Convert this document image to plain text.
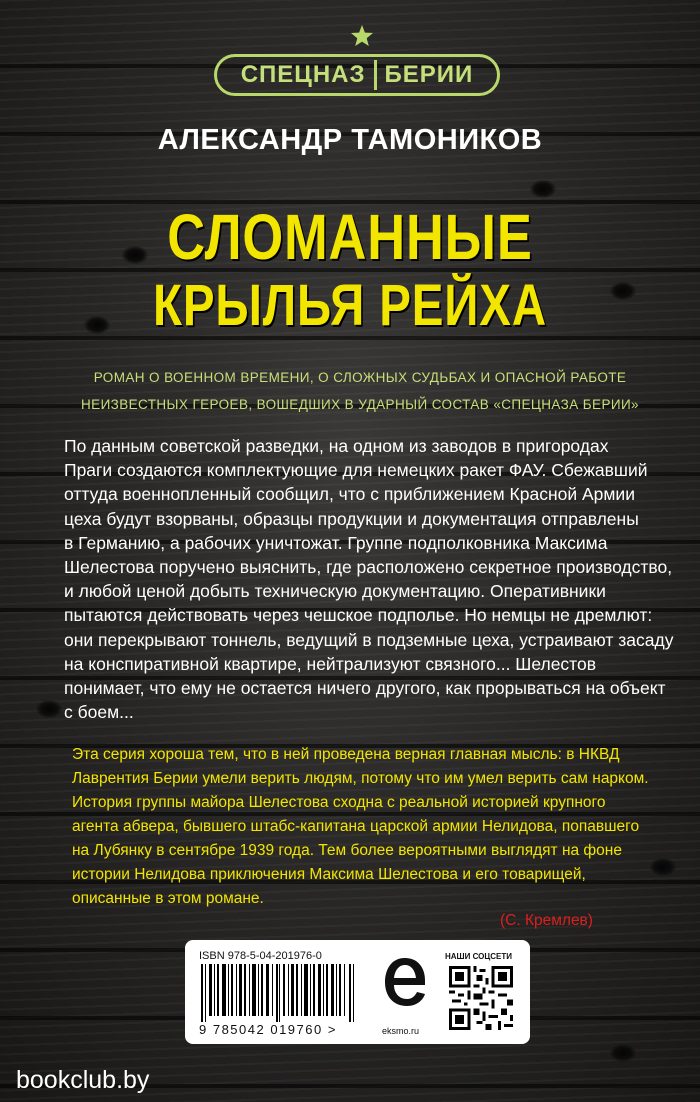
СПЕЦНАЗ БЕРИИ
АЛЕКСАНДР ТАМОНИКОВ
СЛОМАННЫЕ
КРЫЛЬЯ РЕЙХА
РОМАН О ВОЕННОМ ВРЕМЕНИ, О СЛОЖНЫХ СУДЬБАХ И ОПАСНОЙ РАБОТЕ
НЕИЗВЕСТНЫХ ГЕРОЕВ, ВОШЕДШИХ В УДАРНЫЙ СОСТАВ «СПЕЦНАЗА БЕРИИ»
По данным советской разведки, на одном из заводов в пригородах
Праги создаются комплектующие для немецких ракет ФАУ. Сбежавший
оттуда военнопленный сообщил, что с приближением Красной Армии
цеха будут взорваны, образцы продукции и документация отправлены
в Германию, а рабочих уничтожат. Группе подполковника Максима
Шелестова поручено выяснить, где расположено секретное производство,
и любой ценой добыть техническую документацию. Оперативники
пытаются действовать через чешское подполье. Но немцы не дремлют:
они перекрывают тоннель, ведущий в подземные цеха, устраивают засаду
на конспиративной квартире, нейтрализуют связного... Шелестов
понимает, что ему не остается ничего другого, как прорываться на объект
с боем...
Эта серия хороша тем, что в ней проведена верная главная мысль: в НКВД
Лаврентия Берии умели верить людям, потому что им умел верить сам нарком.
История группы майора Шелестова сходна с реальной историей крупного
агента абвера, бывшего штабс-капитана царской армии Нелидова, попавшего
на Лубянку в сентябре 1939 года. Тем более вероятными выглядят на фоне
истории Нелидова приключения Максима Шелестова и его товарищей,
описанные в этом романе.
(С. Кремлев)
ISBN 978-5-04-201976-0
9 785042 019760 >	eksmo.ru
НАШИ СОЦСЕТИ
bookclub.by
